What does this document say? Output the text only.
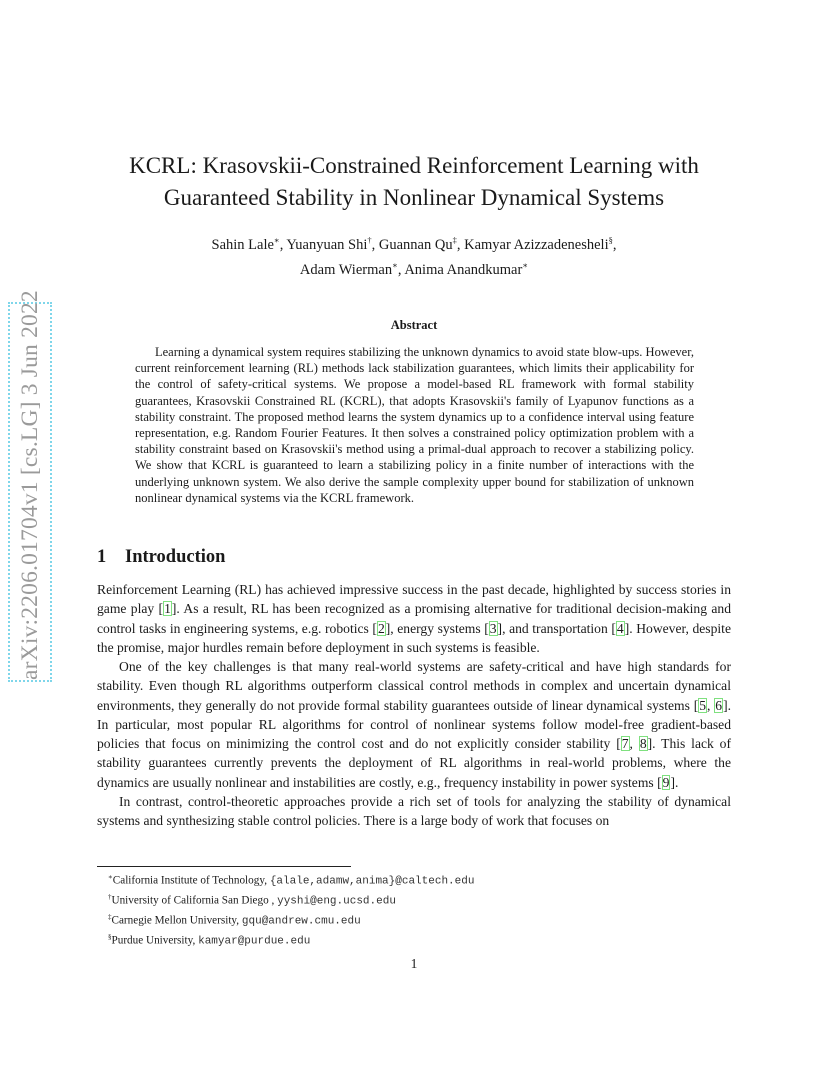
arXiv:2206.01704v1 [cs.LG] 3 Jun 2022
KCRL: Krasovskii-Constrained Reinforcement Learning with
Guaranteed Stability in Nonlinear Dynamical Systems
Sahin Lale∗, Yuanyuan Shi†, Guannan Qu‡, Kamyar Azizzadenesheli§,
Adam Wierman∗, Anima Anandkumar∗
Abstract
Learning a dynamical system requires stabilizing the unknown dynamics to avoid state blow-ups. However, current reinforcement learning (RL) methods lack stabilization guarantees, which limits their applicability for the control of safety-critical systems. We propose a model-based RL framework with formal stability guarantees, Krasovskii Constrained RL (KCRL), that adopts Krasovskii's family of Lyapunov functions as a stability constraint. The proposed method learns the system dynamics up to a confidence interval using feature representation, e.g. Random Fourier Features. It then solves a constrained policy optimization problem with a stability constraint based on Krasovskii's method using a primal-dual approach to recover a stabilizing policy. We show that KCRL is guaranteed to learn a stabilizing policy in a finite number of interactions with the underlying unknown system. We also derive the sample complexity upper bound for stabilization of unknown nonlinear dynamical systems via the KCRL framework.
1 Introduction
Reinforcement Learning (RL) has achieved impressive success in the past decade, highlighted by success stories in game play [1]. As a result, RL has been recognized as a promising alternative for traditional decision-making and control tasks in engineering systems, e.g. robotics [2], energy systems [3], and transportation [4]. However, despite the promise, major hurdles remain before deployment in such systems is feasible.
One of the key challenges is that many real-world systems are safety-critical and have high standards for stability. Even though RL algorithms outperform classical control methods in complex and uncertain dynamical environments, they generally do not provide formal stability guarantees outside of linear dynamical systems [5, 6]. In particular, most popular RL algorithms for control of nonlinear systems follow model-free gradient-based policies that focus on minimizing the control cost and do not explicitly consider stability [7, 8]. This lack of stability guarantees currently prevents the deployment of RL algorithms in real-world problems, where the dynamics are usually nonlinear and instabilities are costly, e.g., frequency instability in power systems [9].
In contrast, control-theoretic approaches provide a rich set of tools for analyzing the stability of dynamical systems and synthesizing stable control policies. There is a large body of work that focuses on
∗California Institute of Technology, {alale,adamw,anima}@caltech.edu
†University of California San Diego , yyshi@eng.ucsd.edu
‡Carnegie Mellon University, gqu@andrew.cmu.edu
§Purdue University, kamyar@purdue.edu
1
